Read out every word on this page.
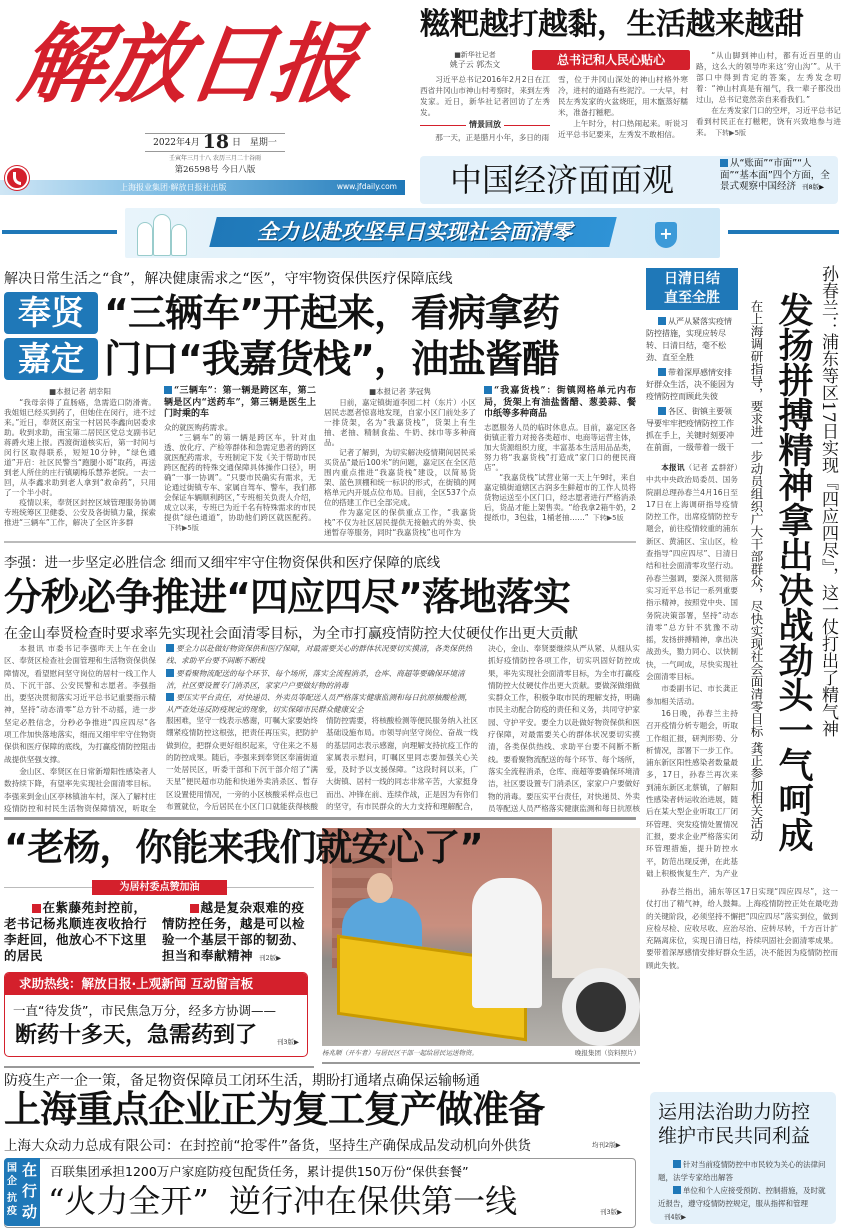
解放日报
2022年4月 18 日 星期一
壬寅年三月十八 农历三月二十谷雨
第26598号 今日八版
上海报业集团·解放日报社出版	www.jfdaily.com
糍粑越打越黏，生活越来越甜
■新华社记者
姚子云 郭杰文	总书记和人民心贴心

习近平总书记2016年2月2日在江西省井冈山市神山村考察时，来到左秀发家。近日，新华社记者回访了左秀发。

情景回放

那一天，正是腊月小年，多日的雨

雪，位于井冈山深处的神山村格外寒冷，进村的道路有些泥泞。一大早，村民左秀发家的火盆烧旺，用木甑蒸好糯米，准备打糍粑。

上午时分，村口热闹起来。听说习近平总书记要来，左秀发不敢相信。

“从山脚到神山村，都有近百里的山路，这么大的领导咋来这‘穷山沟’”。从干部口中得到肯定的答案，左秀发念叨着：“神山村真是有福气，我一辈子都没出过山，总书记竟然亲自来看我们。”

在左秀发家门口的空坪，习近平总书记看到村民正在打糍粑，饶有兴致地参与进来。 下转▶5版

中国经济面面观	从“账面”“市面”“人面”“基本面”四个方面，全景式观察中国经济 刊8版▶
全力以赴攻坚早日实现社会面清零	+
解决日常生活之“食”，解决健康需求之“医”，守牢物资保供医疗保障底线
奉贤 “三辆车”开起来，看病拿药
嘉定 门口“我嘉货栈”，油盐酱醋
■本报记者 胡幸阳

“我母亲得了直肠癌，急需造口防滑膏。我姐姐已经买到药了，但她住在闵行，进不过来。”近日，奉贤区南宝一村居民李鑫向居委求助。收到求助，南宝第二居民区党总支副书记蒋爵火速上报。西渡街道核实后，第一时间与闵行区取得联系，短短10分钟，“绿色通道”开启：社区民警当“跑腿小哥”取药，再送到老人所住的庄行镇刷梅乐慧养老院。一去一回，从李鑫求助到老人拿到“救命药”，只用了一个半小时。

疫情以来，奉贤区封控区域管理服务协调专班统筹区卫健委、公安及各街镇力量，探索推进“三辆车”工作，解决了全区许多群

“三辆车”：第一辆是跨区车，第二辆是区内“送药车”，第三辆是医生上门时乘的车

众的就医购药需求。

“三辆车”的第一辆是跨区车，针对血透、放化疗、产检等群体和急需定患者的跨区就医配药需求，专班制定下发《关于帮助市民跨区配药的特殊交通保障具体操作口径》，明确“一事一协调”。“只要市民确实有需求，无论通过街镇专车、家属自驾车、警车，我们都会保证车辆顺利跨区，”专班相关负责人介绍，成立以来，专班已为近千名有特殊需求的市民提供“绿色通道”，协助他们跨区就医配药。下转▶5版

■本报记者 茅冠隽

日前，嘉定镇街道李园二村（东片）小区居民志愿者惊喜地发现，自家小区门前处多了一排货架，名为“我嘉货栈”，货架上有生抽、老抽、精制食盐、牛奶、抹巾等多种商品。

记者了解到，为切实解决疫情期间居民采买货品“最后100米”的问题，嘉定区在全区范围内重点推进“我嘉货栈”建设，以简易货架、蓝色顶棚和统一标识的形式，在街镇的网格单元内开展点位布局。目前，全区537个点位的搭建工作已全部完成。

作为嘉定区的保供重点工作，“我嘉货栈”不仅为社区居民提供无接触式的外卖、快递暂存等服务，同时“我嘉货栈”也可作为

“我嘉货栈”：街镇网格单元内布局，货架上有油盐酱醋、葱姜蒜、餐巾纸等多种商品

志愿服务人员的临时休息点。目前，嘉定区各街镇正着力对接各类超市、电商等运营主体，加大货源组织力度，丰富基本生活用品品类，努力将“我嘉货栈”打造成“家门口的便民商店”。

“我嘉货栈”试营业第一天上午9时，来自嘉定镇街道辖区古润多生鲜超市的工作人员将货物运送至小区门口，经志愿者进行严格消杀后，货品才能上架售卖。“给我拿2箱牛奶，2提纸巾，3包盐，1桶老抽……” 下转▶5版

李强：进一步坚定必胜信念 细而又细牢牢守住物资保供和医疗保障的底线
分秒必争推进“四应四尽”落地落实
在金山奉贤检查时要求率先实现社会面清零目标，为全市打赢疫情防控大仗硬仗作出更大贡献

本报讯 市委书记李强昨天上午在金山区、奉贤区检查社会面管理和生活物资保供保障情况，看望慰问坚守岗位的居村一线工作人员、下沉干部、公安民警和志愿者。李强指出，要坚决贯彻落实习近平总书记重要指示精神，坚持“动态清零”总方针不动摇，进一步坚定必胜信念，分秒必争推进“四应四尽”各项工作加快落地落实，细而又细牢牢守住物资保供和医疗保障的底线，为打赢疫情防控阻击战提供坚强支撑。

金山区、奉贤区在日常新增阳性感染者人数持续下降，有望率先实现社会面清零目标。李强来到金山区亭林镇油车村，深入了解村庄疫情防控和村民生活物资保障情况，听取全

要全力以赴做好物资保供和医疗保障，对最需要关心的群体状况要切实摸清，各类保供热线、求助平台要不间断不断线
要看聚物流配送的每个环节、每个场所，落实全流程消杀，仓库、商超等要确保环境清洁，社区要设置专门消杀区，家家户户要做好物的消毒
要压实平台责任，对快递员、外卖员等配送人员严格落实健康监测和每日抗原核酸检测，从严查处违反防疫规定的现象，切实保障市民群众健康安全

服困难，坚守一线表示感谢，叮嘱大家要始终绷紧疫情防控这根弦，把责任再压实，把防护做到位，把群众更好组织起来，守住来之不易的防控成果。随后，李强来到奉贤区奉浦街道一处居民区，听委干部和下沉干部介绍了“满天星”便民超市功能和快递外卖消杀区、暂存区设置使用情况，一旁的小区核酸采样点也已布置就位，今后居民在小区门口就能获得核酸

情防控需要，将核酸检测等便民服务纳入社区基础设施布局。市领导向坚守岗位、奋战一线的基层同志表示感谢，向理解支持抗疫工作的家属表示慰问，叮嘱区里同志要加强关心关爱，及时予以支援保障。“这段时间以来，广大街镇、居村一线的同志非常辛苦，大家挺身而出、冲锋在前、连续作战，正是因为有你们的坚守，有市民群众的大力支持和理解配合，

决心，金山、奉贤要继续从严从紧、从细从实抓好疫情防控各项工作，切实巩固好防控成果，率先实现社会面清零目标，为全市打赢疫情防控大仗硬仗作出更大贡献。要做深做细做实群众工作，积极争取市民的理解支持，明确市民主动配合防疫的责任和义务，共同守护家园、守护平安。要全力以赴做好物资保供和医疗保障，对最需要关心的群体状况要切实摸清，各类保供热线、求助平台要不间断不断线。要看聚物流配送的每个环节、每个场所，落实全流程消杀，仓库、商超等要确保环境清洁，社区要设置专门消杀区，家家户户要做好物的消毒。要压实平台责任，对快递员、外卖员等配送人员严格落实健康监测和每日抗原核

“老杨，你能来我们就安心了”
杨兆顺（开车者）与居民区干部一起给居民运送物资。	晚报集团（资料照片）
为居村委点赞加油
在紫藤苑封控前，老书记杨兆顺连夜收拾行李赶回，他放心不下这里的居民
越是复杂艰难的疫情防控任务，越是可以检验一个基层干部的韧劲、担当和奉献精神 刊2版▶
求助热线：解放日报·上观新闻 互动留言板
一直“待发货”，市民焦急万分，经多方协调——
断药十多天，急需药到了	刊3版▶
防疫生产一企一策，备足物资保障员工闭环生活，期盼打通堵点确保运输畅通
上海重点企业正为复工复产做准备
上海大众动力总成有限公司：在封控前“抢零件”备货，坚持生产确保成品发动机向外供货	均刊2版▶
国企
抗疫
在
行
动
百联集团承担1200万户家庭防疫包配货任务，累计提供150万份“保供套餐”
“火力全开”  逆行冲在保供第一线	刊3版▶
日清日结
直至全胜

从严从紧落实疫情防控措施，实现应转尽转、日清日结，毫不松劲、直至全胜

带着深厚感情安排好群众生活，决不能因为疫情防控而顾此失彼

各区、街镇主要领导要牢牢把疫情防控工作抓在手上，关键时刻要冲在前面，一级带着一级干

本报讯（记者 孟群舒）中共中央政治局委员、国务院副总理孙春兰4月16日至17日在上海调研指导疫情防控工作，出席疫情防控专题会，前往疫情较重的浦东新区、黄浦区、宝山区，检查指导“四应四尽”、日清日结和社会面清零攻坚行动。孙春兰强调，要深入贯彻落实习近平总书记一系列重要指示精神，按照党中央、国务院决策部署，坚持“动态清零”总方针不犹豫不动摇，发扬拼搏精神，拿出决战劲头，勠力同心、以快制快，一气呵成，尽快实现社会面清零目标。

市委副书记、市长龚正参加相关活动。

16日晚，孙春兰主持召开疫情分析专题会，听取工作组汇报，研判形势、分析情况，部署下一步工作。浦东新区阳性感染者数量最多，17日，孙春兰再次来到浦东新区北蔡镇，了解阳性感染者转运收治进展，随后在某大型企业听取工厂闭环管理、突发疫情处置情况汇报，要求企业严格落实闭环管理措施，提升防控水平，防范出现反弹，在此基础上积极恢复生产，为产业

孙春兰：浦东等区17日实现『四应四尽』，这一仗打出了精气神
发扬拼搏精神拿出决战劲头一气呵成
在上海调研指导，要求进一步动员组织广大干部群众，尽快实现社会面清零目标 龚正参加相关活动

孙春兰指出，浦东等区17日实现“四应四尽”，这一仗打出了精气神，给人鼓舞。上海疫情防控正处在最吃劲的关键阶段，必须坚持不懈把“四应四尽”落实到位，做到应检尽检、应收尽收、应治尽治、应转尽转，千方百计扩充隔离床位，实现日清日结，持续巩固社会面清零成果。要带着深厚感情安排好群众生活，决不能因为疫情防控而顾此失彼。

运用法治助力防控
维护市民共同利益

针对当前疫情防控中市民较为关心的法律问题，法学专家给出解答

单位和个人应接受预防、控制措施，及时就近报告，遵守疫情防控规定，服从指挥和管理刊4版▶
